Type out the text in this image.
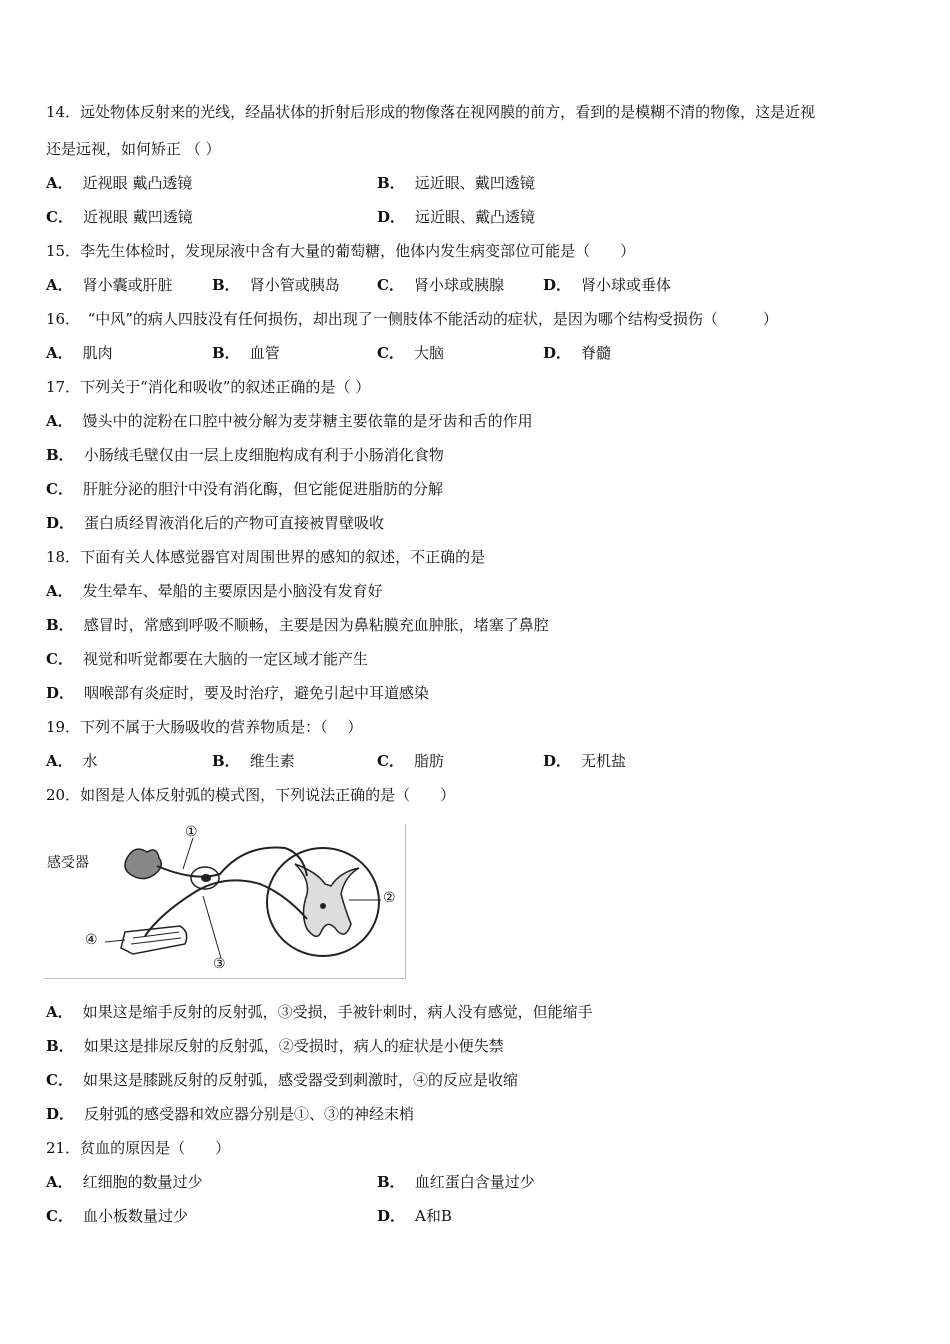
14．远处物体反射来的光线，经晶状体的折射后形成的物像落在视网膜的前方，看到的是模糊不清的物像，这是近视
还是远视，如何矫正 （ ）
A． 近视眼 戴凸透镜	B． 远近眼、戴凹透镜
C． 近视眼 戴凹透镜	D． 远近眼、戴凸透镜
15．李先生体检时，发现尿液中含有大量的葡萄糖，他体内发生病变部位可能是（　　）
A． 肾小囊或肝脏	B． 肾小管或胰岛 C． 肾小球或胰腺	D． 肾小球或垂体
16．　“中风”的病人四肢没有任何损伤，却出现了一侧肢体不能活动的症状，是因为哪个结构受损伤（　　　）
A． 肌肉	B． 血管	C． 大脑	D． 脊髓
17．下列关于“消化和吸收”的叙述正确的是（ ）
A． 馒头中的淀粉在口腔中被分解为麦芽糖主要依靠的是牙齿和舌的作用
B． 小肠绒毛壁仅由一层上皮细胞构成有利于小肠消化食物
C． 肝脏分泌的胆汁中没有消化酶，但它能促进脂肪的分解
D． 蛋白质经胃液消化后的产物可直接被胃壁吸收
18．下面有关人体感觉器官对周围世界的感知的叙述，不正确的是
A． 发生晕车、晕船的主要原因是小脑没有发育好
B． 感冒时，常感到呼吸不顺畅，主要是因为鼻粘膜充血肿胀，堵塞了鼻腔
C． 视觉和听觉都要在大脑的一定区域才能产生
D． 咽喉部有炎症时，要及时治疗，避免引起中耳道感染
19．下列不属于大肠吸收的营养物质是：（　 ）
A． 水	B． 维生素	C． 脂肪	D． 无机盐
20．如图是人体反射弧的模式图，下列说法正确的是（　　）
感受器
①
②
③
④
A． 如果这是缩手反射的反射弧，③受损，手被针刺时，病人没有感觉，但能缩手
B． 如果这是排尿反射的反射弧，②受损时，病人的症状是小便失禁
C． 如果这是膝跳反射的反射弧，感受器受到刺激时，④的反应是收缩
D． 反射弧的感受器和效应器分别是①、③的神经末梢
21．贫血的原因是（　　）
A． 红细胞的数量过少	B． 血红蛋白含量过少
C． 血小板数量过少	D． A和B
